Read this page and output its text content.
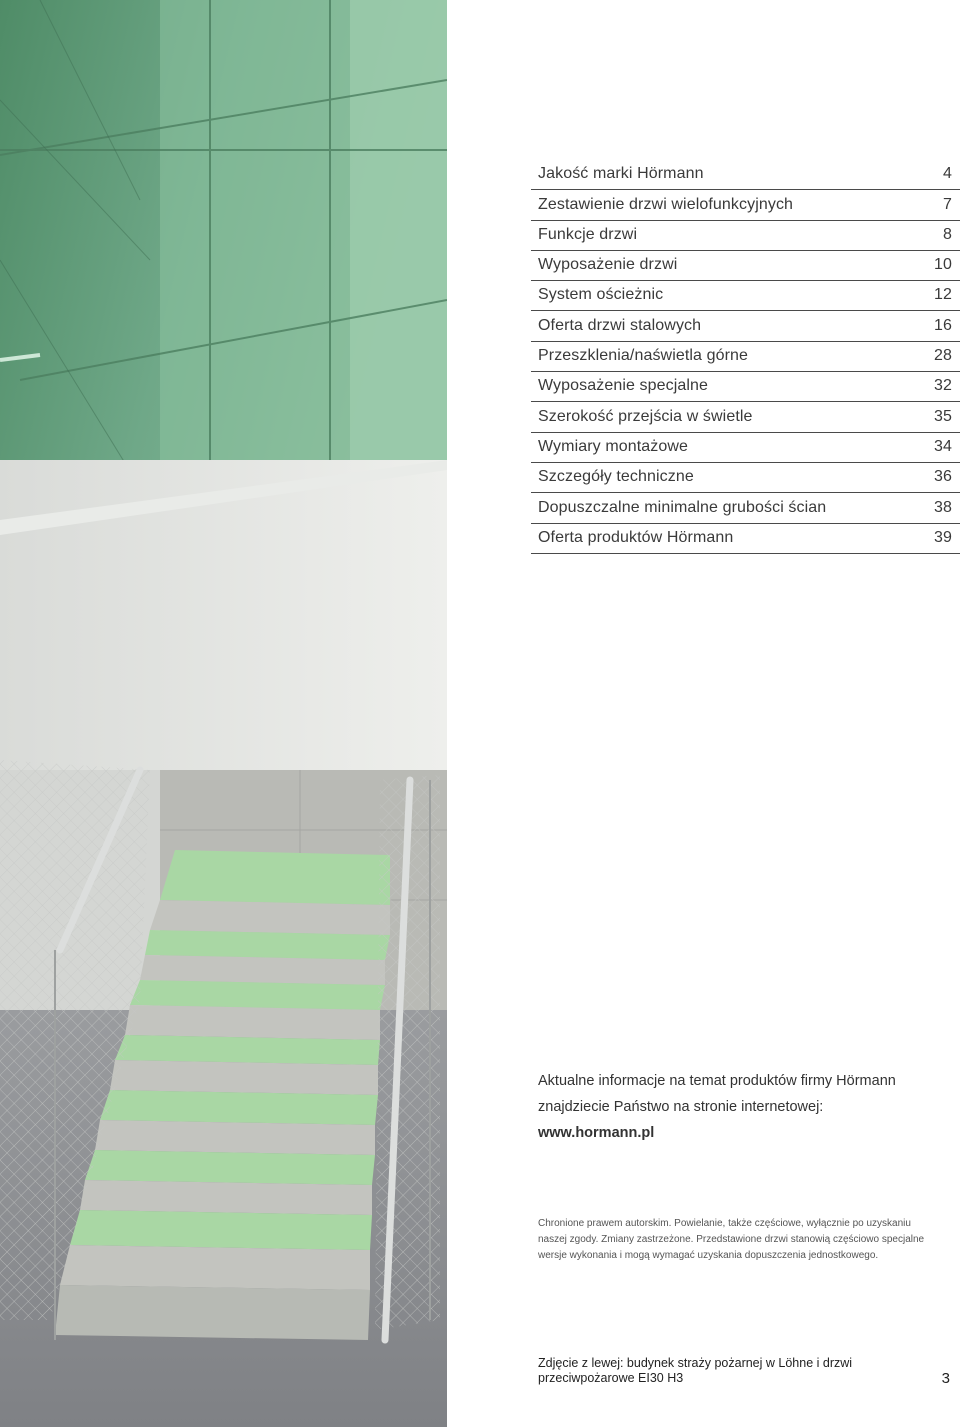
Jakość marki Hörmann	4
Zestawienie drzwi wielofunkcyjnych	7
Funkcje drzwi	8
Wyposażenie drzwi	10
System ościeżnic	12
Oferta drzwi stalowych	16
Przeszklenia/naświetla górne	28
Wyposażenie specjalne	32
Szerokość przejścia w świetle	35
Wymiary montażowe	34
Szczegóły techniczne	36
Dopuszczalne minimalne grubości ścian	38
Oferta produktów Hörmann	39
Aktualne informacje na temat produktów firmy Hörmann
znajdziecie Państwo na stronie internetowej:
www.hormann.pl
Chronione prawem autorskim. Powielanie, także częściowe, wyłącznie po uzyskaniu
naszej zgody. Zmiany zastrzeżone. Przedstawione drzwi stanowią częściowo specjalne
wersje wykonania i mogą wymagać uzyskania dopuszczenia jednostkowego.
Zdjęcie z lewej: budynek straży pożarnej w Löhne i drzwi
przeciwpożarowe EI30 H3	3
